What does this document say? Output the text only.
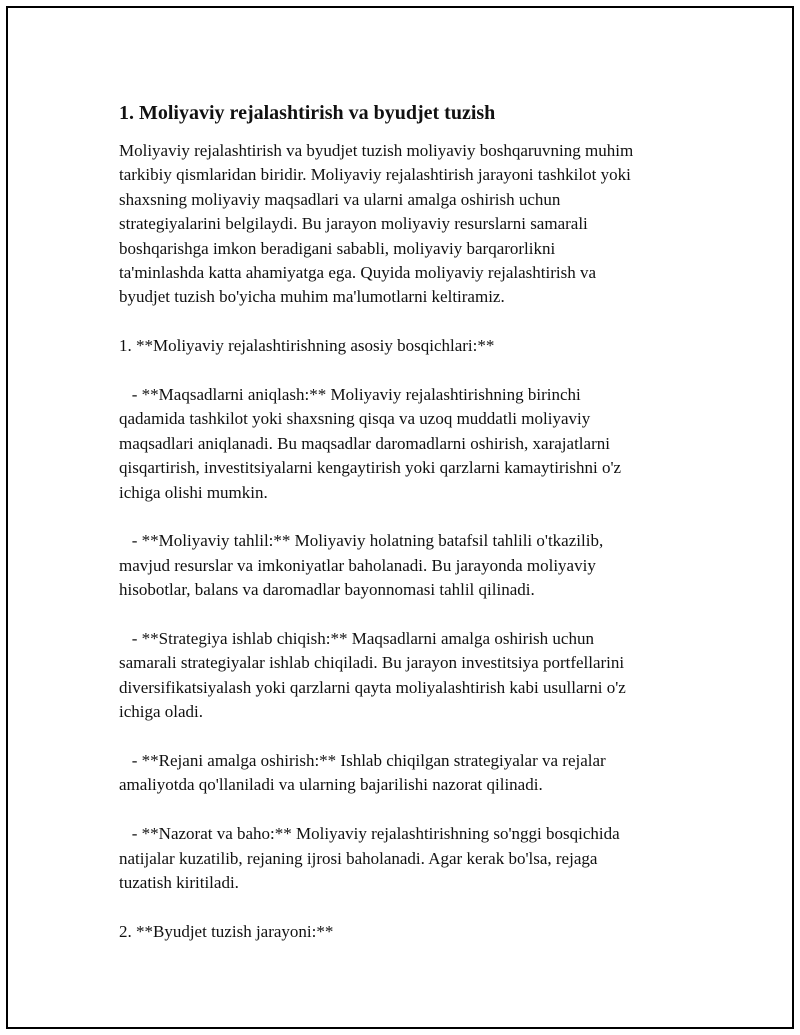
1. Moliyaviy rejalashtirish va byudjet tuzish
Moliyaviy rejalashtirish va byudjet tuzish moliyaviy boshqaruvning muhim
tarkibiy qismlaridan biridir. Moliyaviy rejalashtirish jarayoni tashkilot yoki
shaxsning moliyaviy maqsadlari va ularni amalga oshirish uchun
strategiyalarini belgilaydi. Bu jarayon moliyaviy resurslarni samarali
boshqarishga imkon beradigani sababli, moliyaviy barqarorlikni
ta'minlashda katta ahamiyatga ega. Quyida moliyaviy rejalashtirish va
byudjet tuzish bo'yicha muhim ma'lumotlarni keltiramiz.
1. **Moliyaviy rejalashtirishning asosiy bosqichlari:**
- **Maqsadlarni aniqlash:** Moliyaviy rejalashtirishning birinchi
qadamida tashkilot yoki shaxsning qisqa va uzoq muddatli moliyaviy
maqsadlari aniqlanadi. Bu maqsadlar daromadlarni oshirish, xarajatlarni
qisqartirish, investitsiyalarni kengaytirish yoki qarzlarni kamaytirishni o'z
ichiga olishi mumkin.
- **Moliyaviy tahlil:** Moliyaviy holatning batafsil tahlili o'tkazilib,
mavjud resurslar va imkoniyatlar baholanadi. Bu jarayonda moliyaviy
hisobotlar, balans va daromadlar bayonnomasi tahlil qilinadi.
- **Strategiya ishlab chiqish:** Maqsadlarni amalga oshirish uchun
samarali strategiyalar ishlab chiqiladi. Bu jarayon investitsiya portfellarini
diversifikatsiyalash yoki qarzlarni qayta moliyalashtirish kabi usullarni o'z
ichiga oladi.
- **Rejani amalga oshirish:** Ishlab chiqilgan strategiyalar va rejalar
amaliyotda qo'llaniladi va ularning bajarilishi nazorat qilinadi.
- **Nazorat va baho:** Moliyaviy rejalashtirishning so'nggi bosqichida
natijalar kuzatilib, rejaning ijrosi baholanadi. Agar kerak bo'lsa, rejaga
tuzatish kiritiladi.
2. **Byudjet tuzish jarayoni:**
